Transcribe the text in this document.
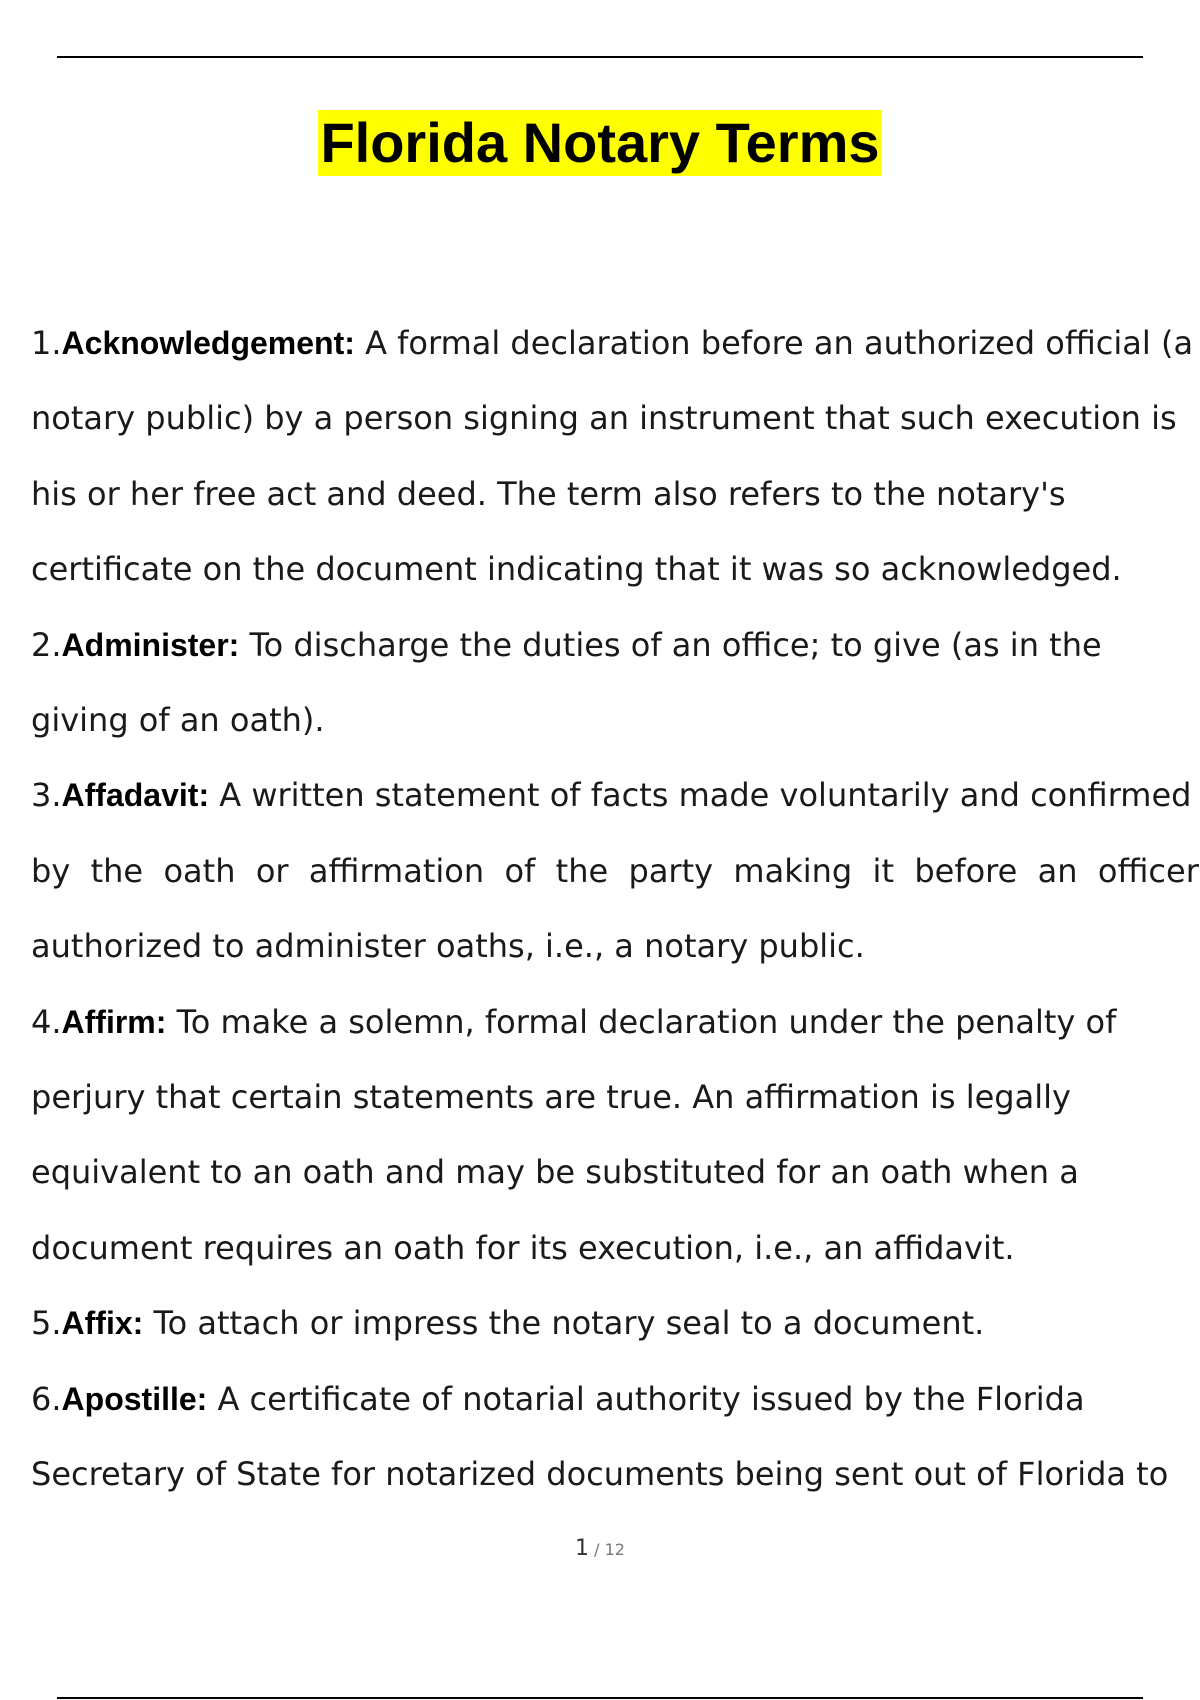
Florida Notary Terms

1.Acknowledgement: A formal declaration before an authorized official (a
notary public) by a person signing an instrument that such execution is
his or her free act and deed. The term also refers to the notary's
certificate on the document indicating that it was so acknowledged.

2.Administer: To discharge the duties of an office; to give (as in the
giving of an oath).

3.Affadavit: A written statement of facts made voluntarily and confirmed
by  the  oath  or  affirmation  of  the  party  making  it  before  an  officer
authorized to administer oaths, i.e., a notary public.

4.Affirm: To make a solemn, formal declaration under the penalty of
perjury that certain statements are true. An affirmation is legally
equivalent to an oath and may be substituted for an oath when a
document requires an oath for its execution, i.e., an affidavit.

5.Affix: To attach or impress the notary seal to a document.

6.Apostille: A certificate of notarial authority issued by the Florida
Secretary of State for notarized documents being sent out of Florida to

1 / 12
